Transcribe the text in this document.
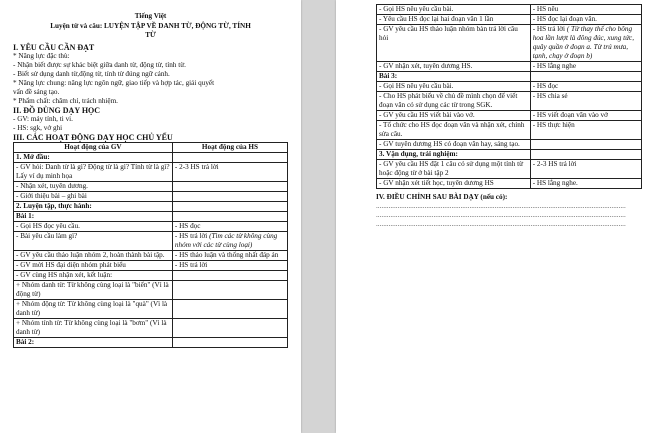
Tiếng Việt
Luyện từ và câu: LUYỆN TẬP VỀ DANH TỪ, ĐỘNG TỪ, TÍNH
TỪ
I. YÊU CẦU CẦN ĐẠT
* Năng lực đặc thù:
- Nhận biết được sự khác biệt giữa danh từ, động từ, tính từ.
- Biết sử dụng danh từ,động từ, tính từ đúng ngữ cảnh.
* Năng lực chung: năng lực ngôn ngữ, giao tiếp và hợp tác, giải quyết
vấn đề sáng tạo.
* Phẩm chất: chăm chỉ, trách nhiệm.
II. ĐỒ DÙNG DẠY HỌC
- GV: máy tính, ti vi.
- HS: sgk, vở ghi
III. CÁC HOẠT ĐỘNG DẠY HỌC CHỦ YẾU
Hoạt động của GV	Hoạt động của HS
1. Mở đầu:	
- GV hỏi: Danh từ là gì? Động từ là gì? Tính từ là gì? Lấy ví dụ minh họa	- 2-3 HS trả lời
- Nhận xét, tuyên dương.	
- Giới thiệu bài – ghi bài	
2. Luyện tập, thực hành:	
Bài 1:	
- Gọi HS đọc yêu cầu.	- HS đọc
- Bài yêu cầu làm gì?	- HS trả lời (Tìm các từ không cùng nhóm với các từ cùng loại)
- GV yêu cầu thảo luận nhóm 2, hoàn thành bài tập.	- HS thảo luận và thống nhất đáp án
- GV mời HS đại diện nhóm phát biểu	- HS trả lời
- GV cùng HS nhận xét, kết luận:	
+ Nhóm danh từ: Từ không cùng loại là "biển" (Vì là động từ)	
+ Nhóm động từ: Từ không cùng loại là "quà" (Vì là danh từ)	
+ Nhóm tính từ: Từ không cùng loại là "bơm" (Vì là danh từ)	
Bài 2:	
- Gọi HS nêu yêu cầu bài.	- HS nêu
- Yêu cầu HS đọc lại hai đoạn văn 1 lần	- HS đọc lại đoạn văn.
- GV yêu cầu HS thảo luận nhóm bàn trả lời câu hỏi	- HS trả lời ( Từ thay thế cho bông hoa lần lượt là đông đúc, xung tức, quây quần ở đoạn a. Từ trú mưa, tạnh, chạy ở đoạn b)
- GV nhận xét, tuyên dương HS.	- HS lắng nghe
Bài 3:	
- Gọi HS nêu yêu cầu bài.	- HS đọc
- Cho HS phát biểu về chủ đề mình chọn để viết đoạn văn có sử dụng các từ trong SGK.	- HS chia sẻ
- GV yêu cầu HS viết bài vào vở.	- HS viết đoạn văn vào vở
- Tổ chức cho HS đọc đoạn văn và nhận xét, chỉnh sửa câu.	- HS thực hiện
- GV tuyên dương HS có đoạn văn hay, sáng tạo.	
3. Vận dụng, trải nghiệm:	
- GV yêu cầu HS đặt 1 câu có sử dụng một tính từ hoặc động từ ở bài tập 2	- 2-3 HS trả lời
- GV nhận xét tiết học, tuyên dương HS	- HS lắng nghe.
IV. ĐIỀU CHỈNH SAU BÀI DẠY (nếu có):
...........................................................................................................................................
...........................................................................................................................................
...........................................................................................................................................
